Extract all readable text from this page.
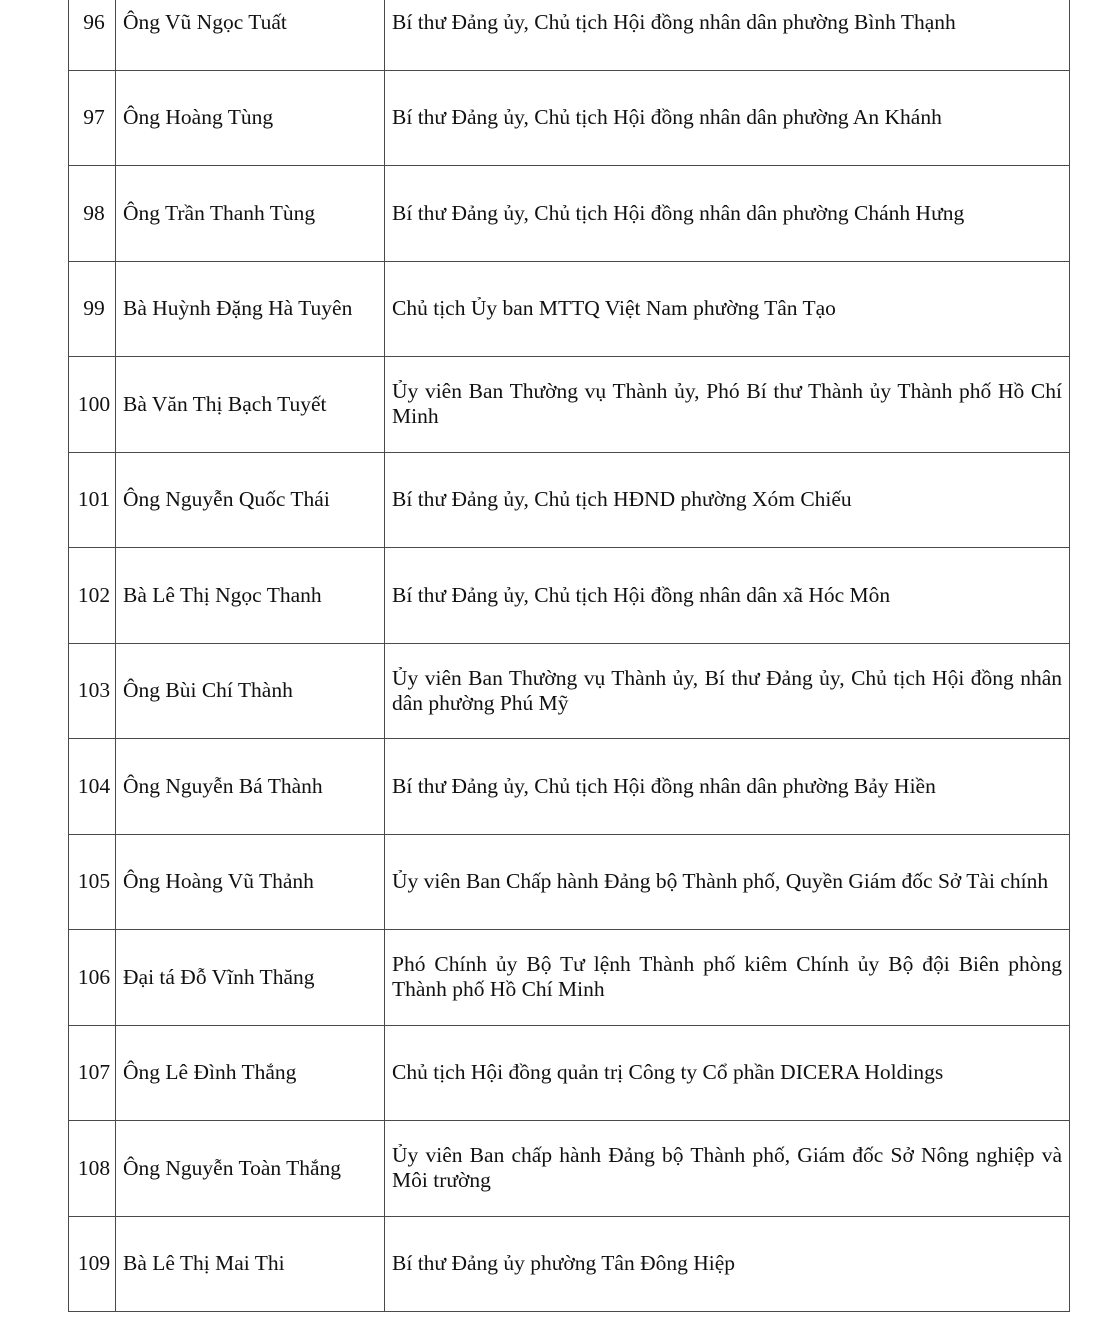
96	Ông Vũ Ngọc Tuất	Bí thư Đảng ủy, Chủ tịch Hội đồng nhân dân phường Bình Thạnh
97	Ông Hoàng Tùng	Bí thư Đảng ủy, Chủ tịch Hội đồng nhân dân phường An Khánh
98	Ông Trần Thanh Tùng	Bí thư Đảng ủy, Chủ tịch Hội đồng nhân dân phường Chánh Hưng
99	Bà Huỳnh Đặng Hà Tuyên	Chủ tịch Ủy ban MTTQ Việt Nam phường Tân Tạo
100	Bà Văn Thị Bạch Tuyết	Ủy viên Ban Thường vụ Thành ủy, Phó Bí thư Thành ủy Thành phố Hồ Chí Minh
101	Ông Nguyễn Quốc Thái	Bí thư Đảng ủy, Chủ tịch HĐND phường Xóm Chiếu
102	Bà Lê Thị Ngọc Thanh	Bí thư Đảng ủy, Chủ tịch Hội đồng nhân dân xã Hóc Môn
103	Ông Bùi Chí Thành	Ủy viên Ban Thường vụ Thành ủy, Bí thư Đảng ủy, Chủ tịch Hội đồng nhân dân phường Phú Mỹ
104	Ông Nguyễn Bá Thành	Bí thư Đảng ủy, Chủ tịch Hội đồng nhân dân phường Bảy Hiền
105	Ông Hoàng Vũ Thảnh	Ủy viên Ban Chấp hành Đảng bộ Thành phố, Quyền Giám đốc Sở Tài chính
106	Đại tá Đỗ Vĩnh Thăng	Phó Chính ủy Bộ Tư lệnh Thành phố kiêm Chính ủy Bộ đội Biên phòng Thành phố Hồ Chí Minh
107	Ông Lê Đình Thắng	Chủ tịch Hội đồng quản trị Công ty Cổ phần DICERA Holdings
108	Ông Nguyễn Toàn Thắng	Ủy viên Ban chấp hành Đảng bộ Thành phố, Giám đốc Sở Nông nghiệp và Môi trường
109	Bà Lê Thị Mai Thi	Bí thư Đảng ủy phường Tân Đông Hiệp
